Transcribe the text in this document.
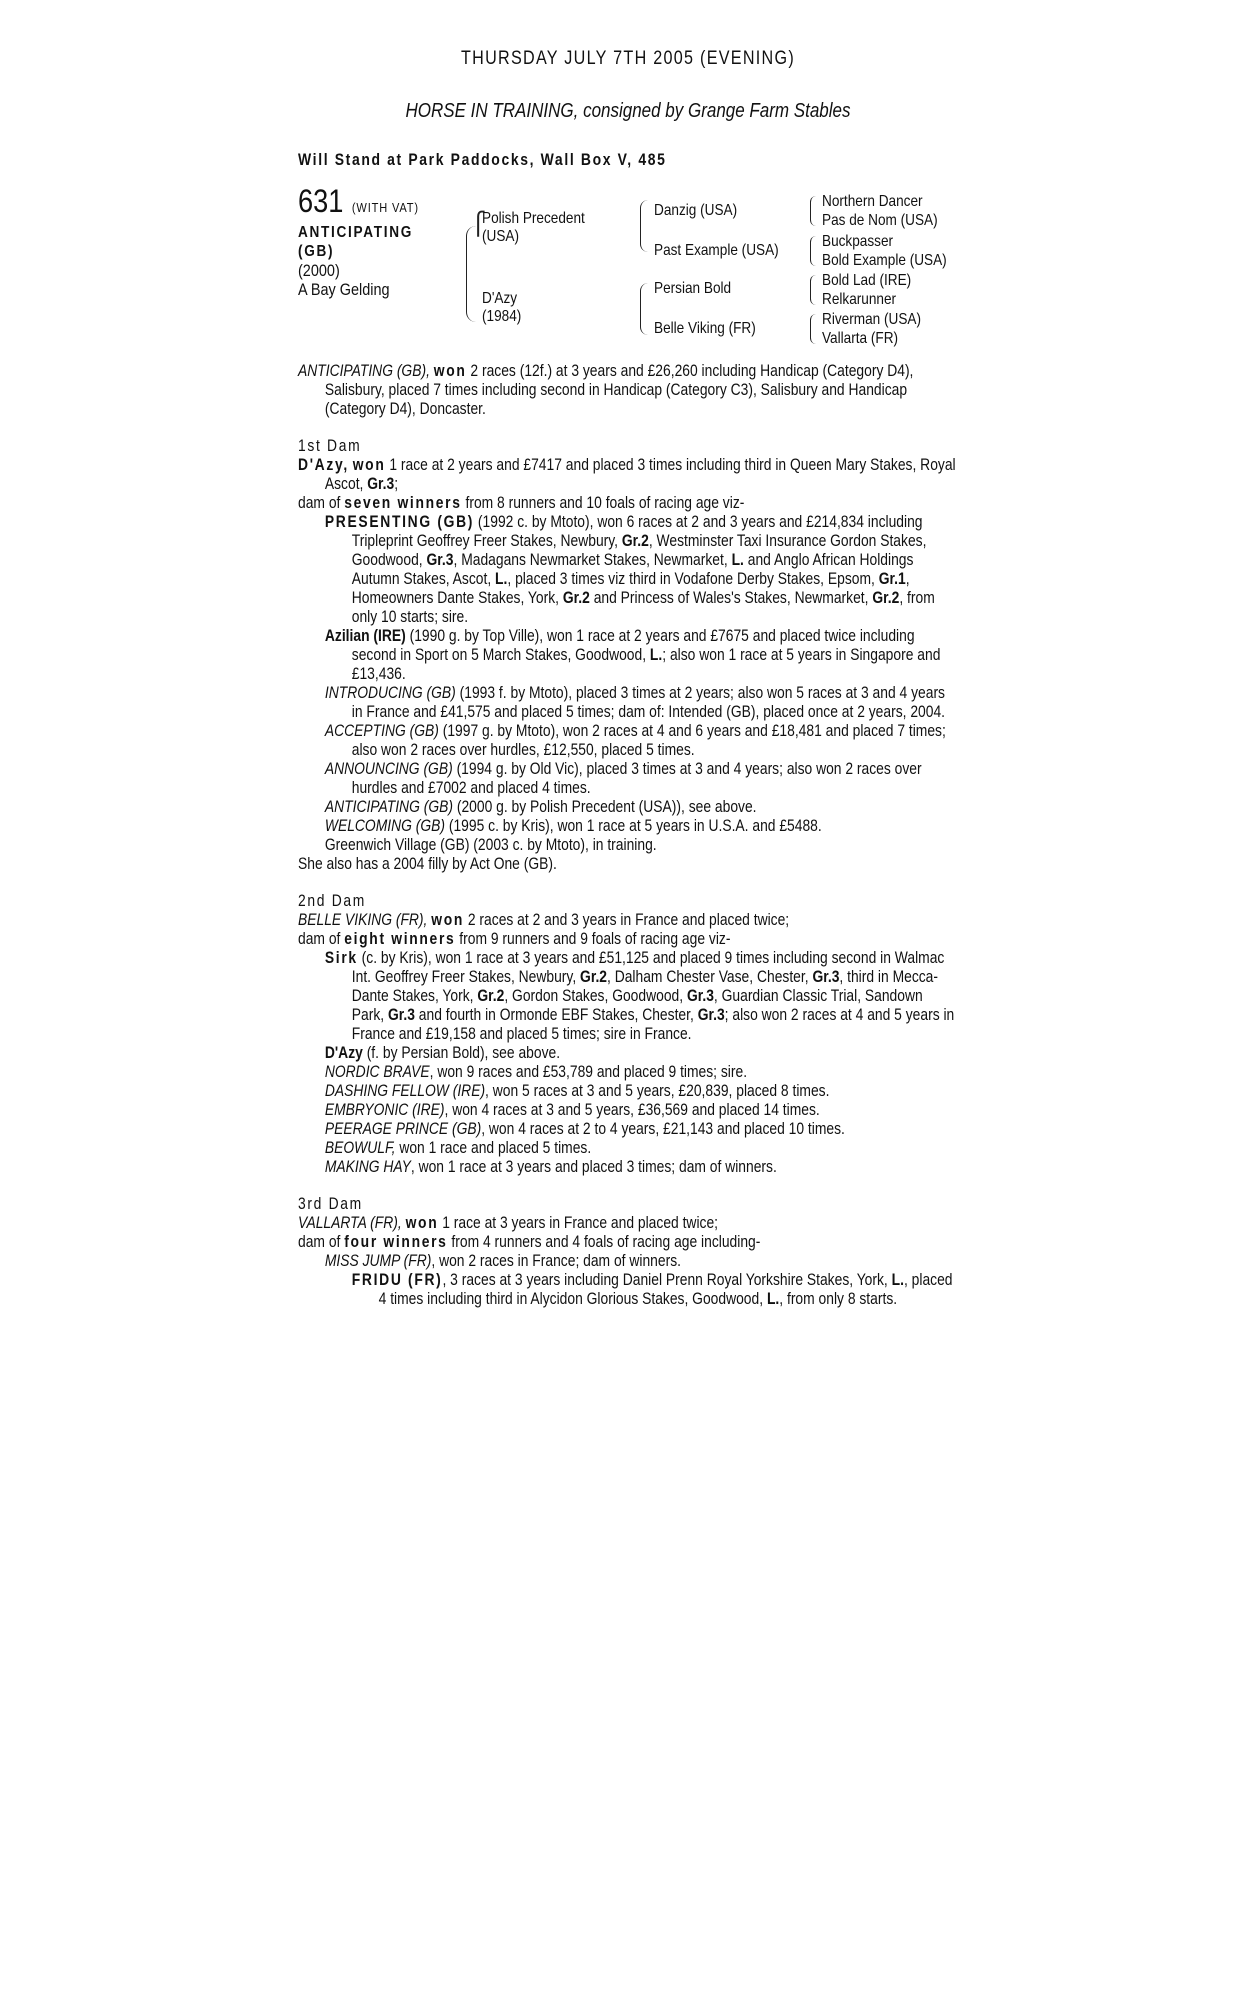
THURSDAY JULY 7TH 2005 (EVENING)
HORSE IN TRAINING, consigned by Grange Farm Stables
Will Stand at Park Paddocks, Wall Box V, 485
631 (WITH VAT)
ANTICIPATING
(GB)
(2000)
A Bay Gelding
⎧
Polish Precedent
(USA)
D'Azy
(1984)
Danzig (USA)
Past Example (USA)
Persian Bold
Belle Viking (FR)
Northern Dancer
Pas de Nom (USA)
Buckpasser
Bold Example (USA)
Bold Lad (IRE)
Relkarunner
Riverman (USA)
Vallarta (FR)

ANTICIPATING (GB), won 2 races (12f.) at 3 years and £26,260 including Handicap (Category D4), Salisbury, placed 7 times including second in Handicap (Category C3), Salisbury and Handicap (Category D4), Doncaster.

1st Dam

D'Azy, won 1 race at 2 years and £7417 and placed 3 times including third in Queen Mary Stakes, Royal Ascot, Gr.3;

dam of seven winners from 8 runners and 10 foals of racing age viz-

PRESENTING (GB) (1992 c. by Mtoto), won 6 races at 2 and 3 years and £214,834 including Tripleprint Geoffrey Freer Stakes, Newbury, Gr.2, Westminster Taxi Insurance Gordon Stakes, Goodwood, Gr.3, Madagans Newmarket Stakes, Newmarket, L. and Anglo African Holdings Autumn Stakes, Ascot, L., placed 3 times viz third in Vodafone Derby Stakes, Epsom, Gr.1, Homeowners Dante Stakes, York, Gr.2 and Princess of Wales's Stakes, Newmarket, Gr.2, from only 10 starts; sire.

Azilian (IRE) (1990 g. by Top Ville), won 1 race at 2 years and £7675 and placed twice including second in Sport on 5 March Stakes, Goodwood, L.; also won 1 race at 5 years in Singapore and £13,436.

INTRODUCING (GB) (1993 f. by Mtoto), placed 3 times at 2 years; also won 5 races at 3 and 4 years in France and £41,575 and placed 5 times; dam of: Intended (GB), placed once at 2 years, 2004.

ACCEPTING (GB) (1997 g. by Mtoto), won 2 races at 4 and 6 years and £18,481 and placed 7 times; also won 2 races over hurdles, £12,550, placed 5 times.

ANNOUNCING (GB) (1994 g. by Old Vic), placed 3 times at 3 and 4 years; also won 2 races over hurdles and £7002 and placed 4 times.

ANTICIPATING (GB) (2000 g. by Polish Precedent (USA)), see above.

WELCOMING (GB) (1995 c. by Kris), won 1 race at 5 years in U.S.A. and £5488.

Greenwich Village (GB) (2003 c. by Mtoto), in training.

She also has a 2004 filly by Act One (GB).

2nd Dam

BELLE VIKING (FR), won 2 races at 2 and 3 years in France and placed twice;

dam of eight winners from 9 runners and 9 foals of racing age viz-

Sirk (c. by Kris), won 1 race at 3 years and £51,125 and placed 9 times including second in Walmac Int. Geoffrey Freer Stakes, Newbury, Gr.2, Dalham Chester Vase, Chester, Gr.3, third in Mecca-Dante Stakes, York, Gr.2, Gordon Stakes, Goodwood, Gr.3, Guardian Classic Trial, Sandown Park, Gr.3 and fourth in Ormonde EBF Stakes, Chester, Gr.3; also won 2 races at 4 and 5 years in France and £19,158 and placed 5 times; sire in France.

D'Azy (f. by Persian Bold), see above.

NORDIC BRAVE, won 9 races and £53,789 and placed 9 times; sire.

DASHING FELLOW (IRE), won 5 races at 3 and 5 years, £20,839, placed 8 times.

EMBRYONIC (IRE), won 4 races at 3 and 5 years, £36,569 and placed 14 times.

PEERAGE PRINCE (GB), won 4 races at 2 to 4 years, £21,143 and placed 10 times.

BEOWULF, won 1 race and placed 5 times.

MAKING HAY, won 1 race at 3 years and placed 3 times; dam of winners.

3rd Dam

VALLARTA (FR), won 1 race at 3 years in France and placed twice;

dam of four winners from 4 runners and 4 foals of racing age including-

MISS JUMP (FR), won 2 races in France; dam of winners.

FRIDU (FR), 3 races at 3 years including Daniel Prenn Royal Yorkshire Stakes, York, L., placed 4 times including third in Alycidon Glorious Stakes, Goodwood, L., from only 8 starts.
